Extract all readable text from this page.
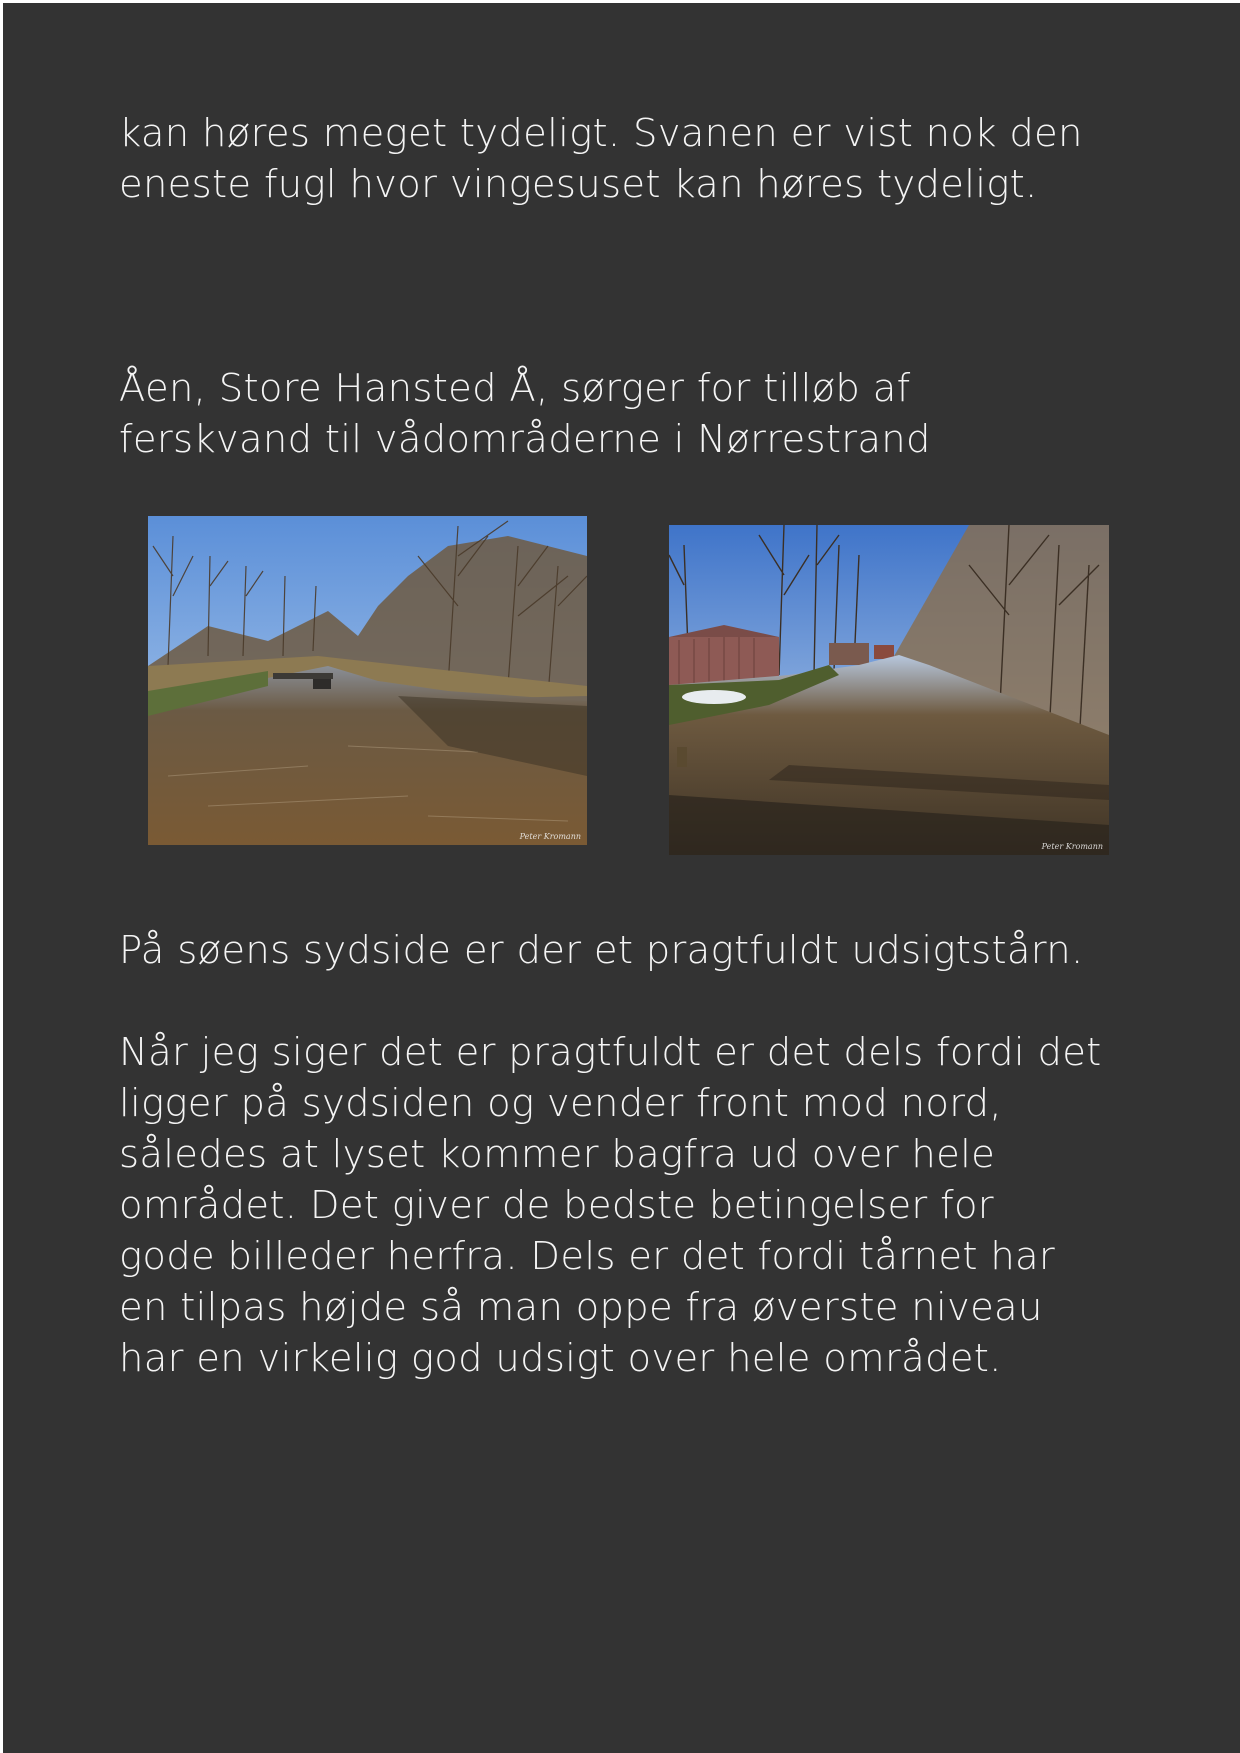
kan høres meget tydeligt. Svanen er vist nok den
eneste fugl hvor vingesuset kan høres tydeligt.

Åen, Store Hansted Å, sørger for tilløb af
ferskvand til vådområderne i Nørrestrand

Peter Kromann
Peter Kromann

På søens sydside er der et pragtfuldt udsigtstårn.

Når jeg siger det er pragtfuldt er det dels fordi det
ligger på sydsiden og vender front mod nord,
således at lyset kommer bagfra ud over hele
området. Det giver de bedste betingelser for
gode billeder herfra. Dels er det fordi tårnet har
en tilpas højde så man oppe fra øverste niveau
har en virkelig god udsigt over hele området.
